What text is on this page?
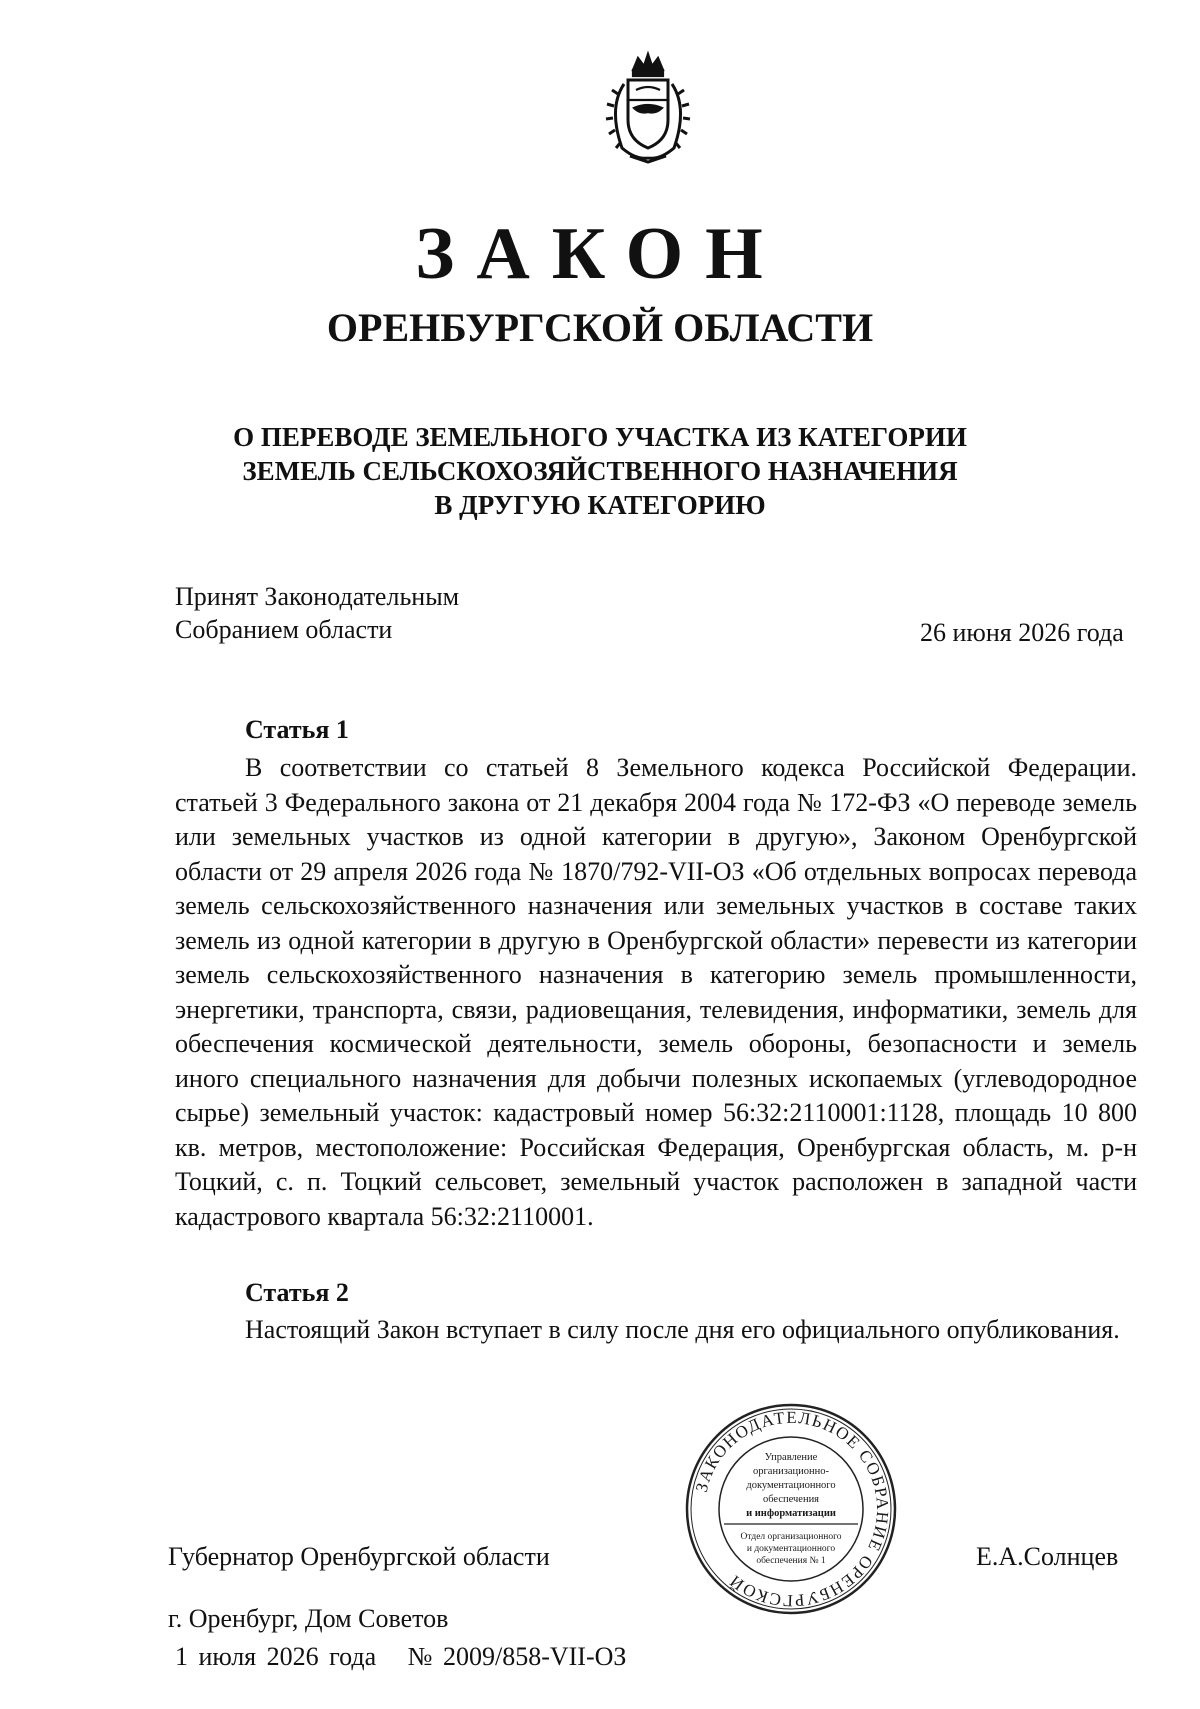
ЗАКОН
ОРЕНБУРГСКОЙ ОБЛАСТИ
О ПЕРЕВОДЕ ЗЕМЕЛЬНОГО УЧАСТКА ИЗ КАТЕГОРИИ
ЗЕМЕЛЬ СЕЛЬСКОХОЗЯЙСТВЕННОГО НАЗНАЧЕНИЯ
В ДРУГУЮ КАТЕГОРИЮ
Принят Законодательным
Собранием области	26 июня 2026 года
Статья 1

В соответствии со статьей 8 Земельного кодекса Российской Федерации. статьей 3 Федерального закона от 21 декабря 2004 года № 172-ФЗ «О переводе земель или земельных участков из одной категории в другую», Законом Оренбургской области от 29 апреля 2026 года № 1870/792-VII-ОЗ «Об отдельных вопросах перевода земель сельскохозяйственного назначения или земельных участков в составе таких земель из одной категории в другую в Оренбургской области» перевести из категории земель сельскохозяйственного назначения в категорию земель промышленности, энергетики, транспорта, связи, радиовещания, телевидения, информатики, земель для обеспечения космической деятельности, земель обороны, безопасности и земель иного специального назначения для добычи полезных ископаемых (углеводородное сырье) земельный участок: кадастровый номер 56:32:2110001:1128, площадь 10 800 кв. метров, местоположение: Российская Федерация, Оренбургская область, м. р-н Тоцкий, с. п. Тоцкий сельсовет, земельный участок расположен в западной части кадастрового квартала 56:32:2110001.

Статья 2

Настоящий Закон вступает в силу после дня его официального опубликования.

ЗАКОНОДАТЕЛЬНОЕ СОБРАНИЕ ОРЕНБУРГСКОЙ
Управление
организационно-
документационного
обеспечения
и информатизации
Отдел организационного
и документационного
обеспечения № 1
Губернатор Оренбургской области	Е.А.Солнцев
г. Оренбург, Дом Советов
1 июля 2026 года № 2009/858-VII-ОЗ
